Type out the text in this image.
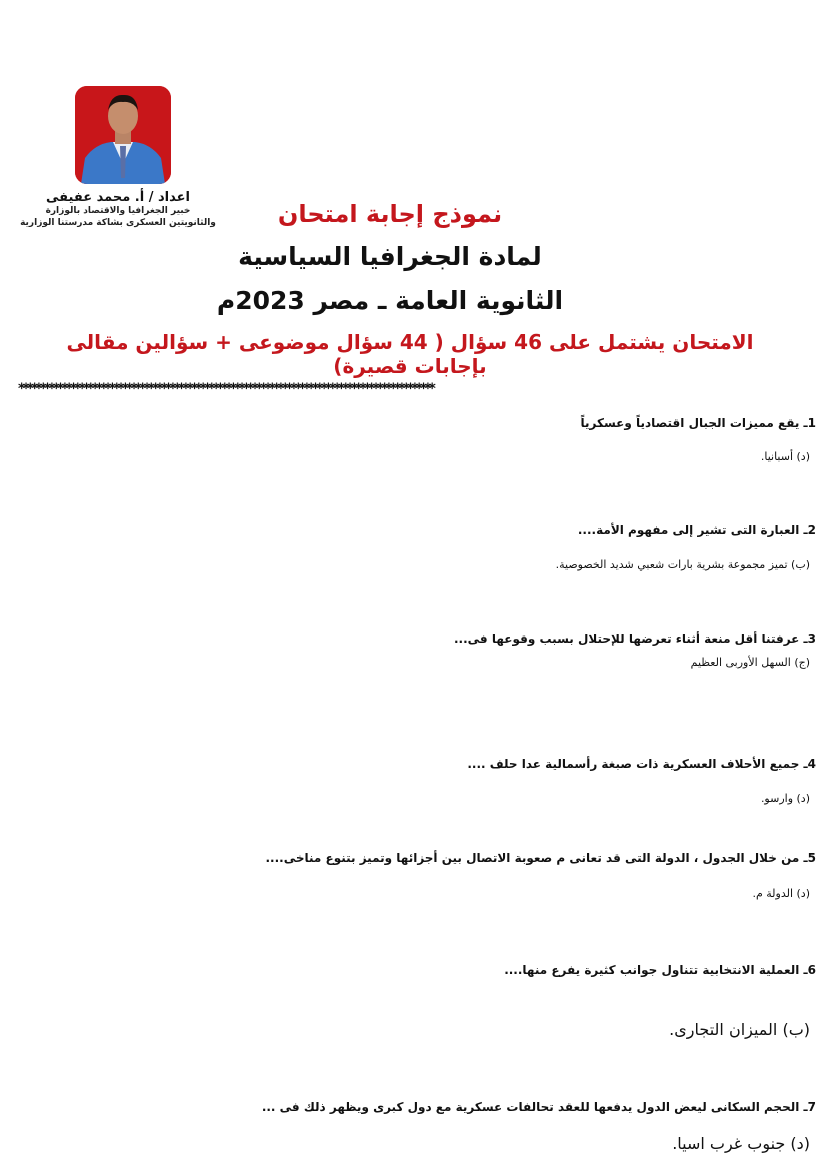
اعداد / أ. محمد عفيفى
خبير الجغرافيا والاقتصاد بالوزارة
والثانويتين العسكرى بشاكة مدرستنا الوزارية	نموذج إجابة امتحان
لمادة الجغرافيا السياسية
الثانوية العامة ـ مصر 2023م
الامتحان يشتمل على 46 سؤال ( 44 سؤال موضوعى + سؤالين مقالى بإجابات قصيرة)
************************************************************************************************
1ـ يقع مميزات الجبال اقتصادياً وعسكرياً
(د) أسبانيا.
2ـ العبارة التى تشير إلى مفهوم الأمة....
(ب) تميز مجموعة بشرية بارات شعبي شديد الخصوصية.
3ـ عرفتنا أقل منعة أثناء تعرضها للإحتلال بسبب وقوعها فى...
(ج) السهل الأوربى العظيم
4ـ جميع الأحلاف العسكرية ذات صبغة رأسمالية عدا حلف ....
(د) وارسو.
5ـ من خلال الجدول ، الدولة التى قد تعانى م صعوبة الاتصال بين أجزائها وتميز بتنوع مناخى....
(د) الدولة م.
6ـ العملية الانتخابية تتناول جوانب كثيرة يفرع منها....
(ب) الميزان التجارى.
7ـ الحجم السكانى ليعض الدول يدفعها للعقد تحالفات عسكرية مع دول كبرى ويظهر ذلك فى ...
(د) جنوب غرب اسيا.
